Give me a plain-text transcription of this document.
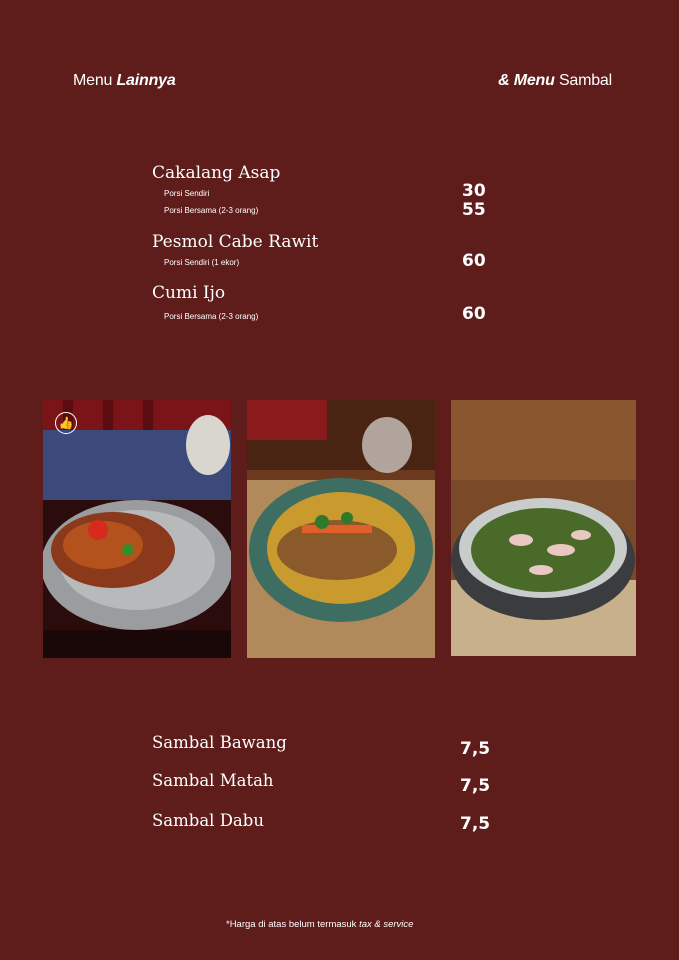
Menu Lainnya	& Menu Sambal
Cakalang Asap
Porsi Sendiri	30
Porsi Bersama (2-3 orang)	55
Pesmol Cabe Rawit
Porsi Sendiri (1 ekor)	60
Cumi Ijo
Porsi Bersama (2-3 orang)	60
👍
Sambal Bawang	7,5
Sambal Matah	7,5
Sambal Dabu	7,5
*Harga di atas belum termasuk tax & service
